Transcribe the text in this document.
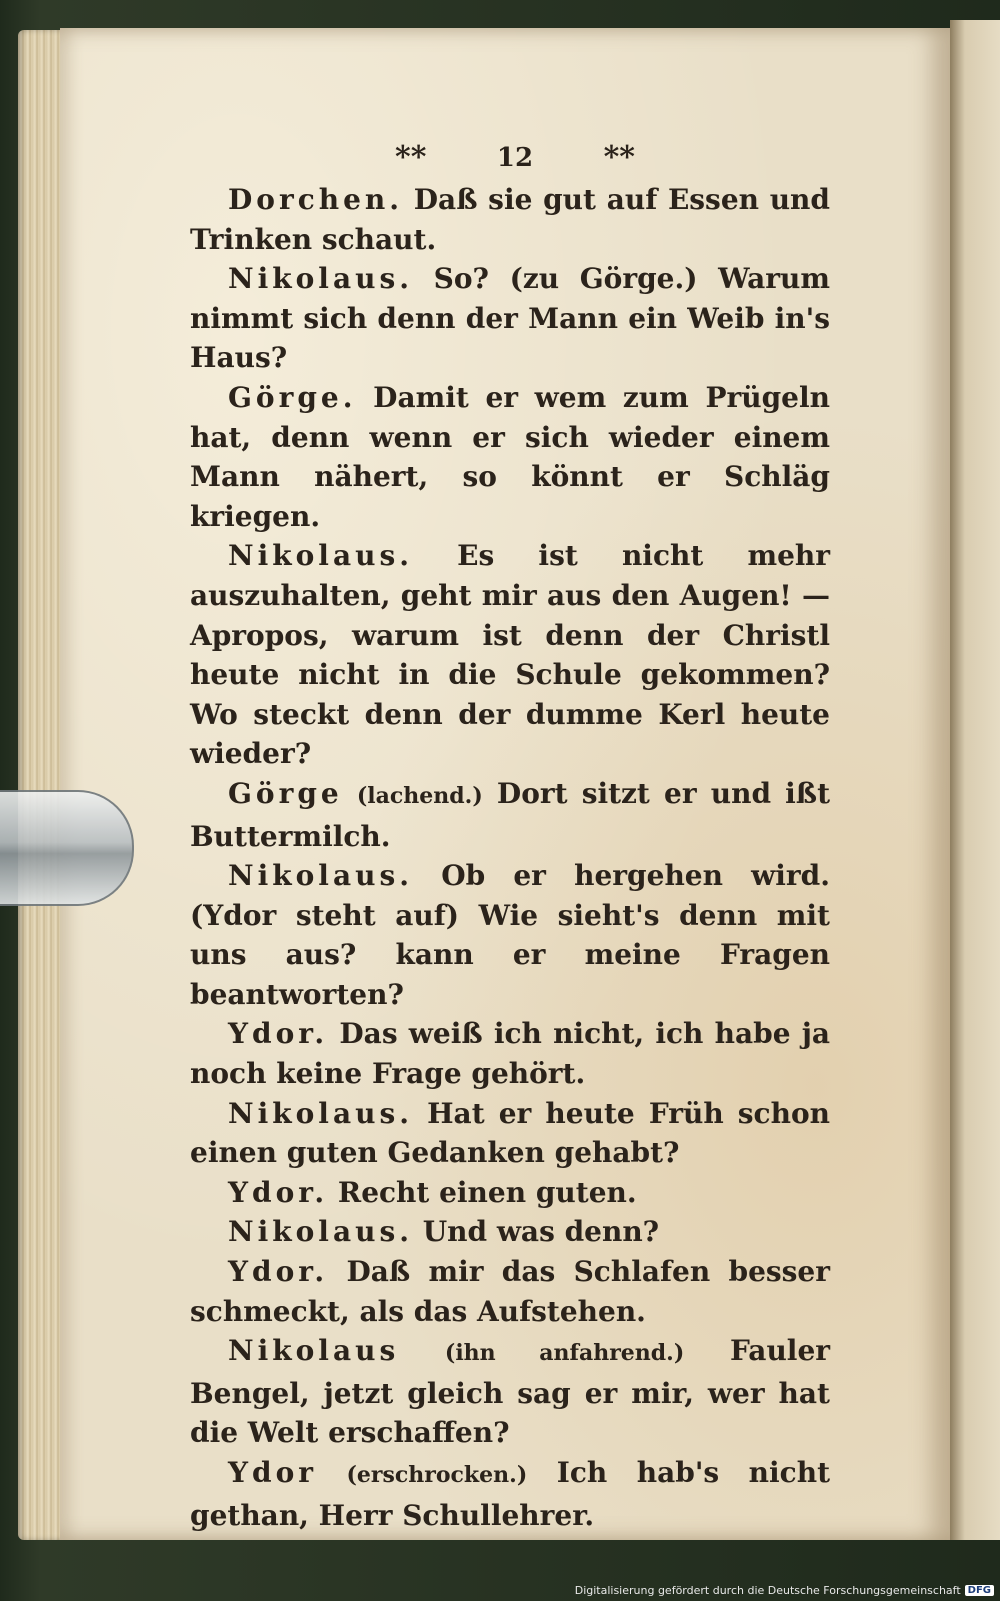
**	12 **

Dorchen. Daß sie gut auf Essen und Trinken schaut.

Nikolaus. So? (zu Görge.) Warum nimmt sich denn der Mann ein Weib in's Haus?

Görge. Damit er wem zum Prügeln hat, denn wenn er sich wieder einem Mann nähert, so könnt er Schläg kriegen.

Nikolaus. Es ist nicht mehr auszuhalten, geht mir aus den Augen! — Apropos, warum ist denn der Christl heute nicht in die Schule gekommen? Wo steckt denn der dumme Kerl heute wieder?

Görge (lachend.) Dort sitzt er und ißt Buttermilch.

Nikolaus. Ob er hergehen wird. (Ydor steht auf) Wie sieht's denn mit uns aus? kann er meine Fragen beantworten?

Ydor. Das weiß ich nicht, ich habe ja noch keine Frage gehört.

Nikolaus. Hat er heute Früh schon einen guten Gedanken gehabt?

Ydor. Recht einen guten.

Nikolaus. Und was denn?

Ydor. Daß mir das Schlafen besser schmeckt, als das Aufstehen.

Nikolaus (ihn anfahrend.) Fauler Bengel, jetzt gleich sag er mir, wer hat die Welt erschaffen?

Ydor (erschrocken.) Ich hab's nicht gethan, Herr Schullehrer.

Digitalisierung gefördert durch die Deutsche Forschungsgemeinschaft DFG
